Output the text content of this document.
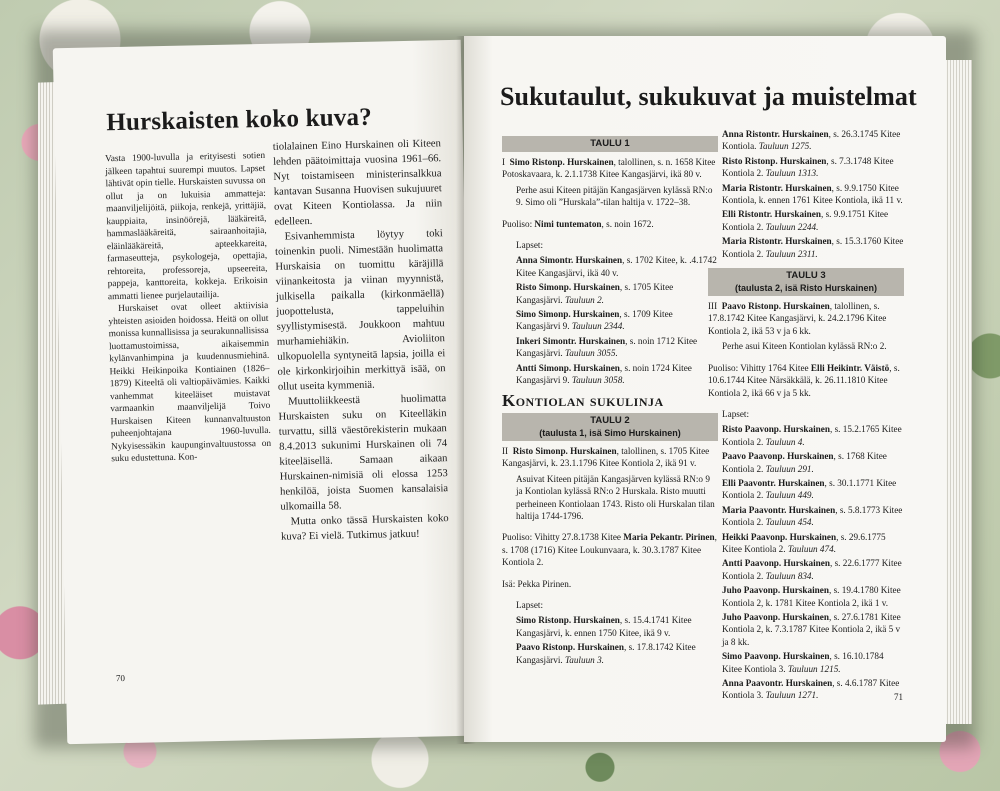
Hurskaisten koko kuva?

Vasta 1900-luvulla ja erityisesti sotien jälkeen tapahtui suurempi muutos. Lapset lähtivät opin tielle. Hurskaisten suvussa on ollut ja on lukuisia ammatteja: maanviljelijöitä, piikoja, renkejä, yrittäjiä, kauppiaita, insinöörejä, lääkäreitä, hammaslääkäreitä, sairaanhoitajia, eläinlääkäreitä, apteekkareita, farmaseutteja, psykologeja, opettajia, rehtoreita, professoreja, upseereita, pappeja, kanttoreita, kokkeja. Erikoisin ammatti lienee purjelautailija.

Hurskaiset ovat olleet aktiivisia yhteisten asioiden hoidossa. Heitä on ollut monissa kunnallisissa ja seurakunnallisissa luottamustoimissa, aikaisemmin kylänvanhimpina ja kuudennusmiehinä. Heikki Heikinpoika Kontiainen (1826–1879) Kiteeltä oli valtiopäivämies. Kaikki vanhemmat kiteeläiset muistavat varmaankin maanviljelijä Toivo Hurskaisen Kiteen kunnanvaltuuston puheenjohtajana 1960-luvulla. Nykyisessäkin kaupunginvaltuustossa on suku edustettuna. Kon-

tiolalainen Eino Hurskainen oli Kiteen lehden päätoimittaja vuosina 1961–66. Nyt toistamiseen ministerinsalkkua kantavan Susanna Huovisen sukujuuret ovat Kiteen Kontiolassa. Ja niin edelleen.

Esivanhemmista löytyy toki toinenkin puoli. Nimestään huolimatta Hurskaisia on tuomittu käräjillä viinankeitosta ja viinan myynnistä, julkisella paikalla (kirkonmäellä) juopottelusta, tappeluihin syyllistymisestä. Joukkoon mahtuu murhamiehiäkin. Avioliiton ulkopuolella syntyneitä lapsia, joilla ei ole kirkonkirjoihin merkittyä isää, on ollut useita kymmeniä.

Muuttoliikkeestä huolimatta Hurskaisten suku on Kiteelläkin turvattu, sillä väestörekisterin mukaan 8.4.2013 sukunimi Hurskainen oli 74 kiteeläisellä. Samaan aikaan Hurskainen-nimisiä oli elossa 1253 henkilöä, joista Suomen kansalaisia ulkomailla 58.

Mutta onko tässä Hurskaisten koko kuva? Ei vielä. Tutkimus jatkuu!

70
Sukutaulut, sukukuvat ja muistelmat
TAULU 1
I Simo Ristonp. Hurskainen, talollinen, s. n. 1658 Kitee Potoskavaara, k. 2.1.1738 Kitee Kangasjärvi, ikä 80 v.
Perhe asui Kiteen pitäjän Kangasjärven kylässä RN:o 9. Simo oli ”Hurskala”-tilan haltija v. 1722–38.
Puoliso: Nimi tuntematon, s. noin 1672.
Lapset:
Anna Simontr. Hurskainen, s. 1702 Kitee, k. .4.1742 Kitee Kangasjärvi, ikä 40 v.
Risto Simonp. Hurskainen, s. 1705 Kitee Kangasjärvi. Tauluun 2.
Simo Simonp. Hurskainen, s. 1709 Kitee Kangasjärvi 9. Tauluun 2344.
Inkeri Simontr. Hurskainen, s. noin 1712 Kitee Kangasjärvi. Tauluun 3055.
Antti Simonp. Hurskainen, s. noin 1724 Kitee Kangasjärvi 9. Tauluun 3058.
Kontiolan sukulinja
TAULU 2
(taulusta 1, isä Simo Hurskainen)
II Risto Simonp. Hurskainen, talollinen, s. 1705 Kitee Kangasjärvi, k. 23.1.1796 Kitee Kontiola 2, ikä 91 v.
Asuivat Kiteen pitäjän Kangasjärven kylässä RN:o 9 ja Kontiolan kylässä RN:o 2 Hurskala. Risto muutti perheineen Kontiolaan 1743. Risto oli Hurskalan tilan haltija 1744-1796.
Puoliso: Vihitty 27.8.1738 Kitee Maria Pekantr. Pirinen, s. 1708 (1716) Kitee Loukunvaara, k. 30.3.1787 Kitee Kontiola 2.
Isä: Pekka Pirinen.
Lapset:
Simo Ristonp. Hurskainen, s. 15.4.1741 Kitee Kangasjärvi, k. ennen 1750 Kitee, ikä 9 v.
Paavo Ristonp. Hurskainen, s. 17.8.1742 Kitee Kangasjärvi. Tauluun 3.
Anna Ristontr. Hurskainen, s. 26.3.1745 Kitee Kontiola. Tauluun 1275.
Risto Ristonp. Hurskainen, s. 7.3.1748 Kitee Kontiola 2. Tauluun 1313.
Maria Ristontr. Hurskainen, s. 9.9.1750 Kitee Kontiola, k. ennen 1761 Kitee Kontiola, ikä 11 v.
Elli Ristontr. Hurskainen, s. 9.9.1751 Kitee Kontiola 2. Tauluun 2244.
Maria Ristontr. Hurskainen, s. 15.3.1760 Kitee Kontiola 2. Tauluun 2311.
TAULU 3
(taulusta 2, isä Risto Hurskainen)
III Paavo Ristonp. Hurskainen, talollinen, s. 17.8.1742 Kitee Kangasjärvi, k. 24.2.1796 Kitee Kontiola 2, ikä 53 v ja 6 kk.
Perhe asui Kiteen Kontiolan kylässä RN:o 2.
Puoliso: Vihitty 1764 Kitee Elli Heikintr. Väistö, s. 10.6.1744 Kitee Närsäkkälä, k. 26.11.1810 Kitee Kontiola 2, ikä 66 v ja 5 kk.
Lapset:
Risto Paavonp. Hurskainen, s. 15.2.1765 Kitee Kontiola 2. Tauluun 4.
Paavo Paavonp. Hurskainen, s. 1768 Kitee Kontiola 2. Tauluun 291.
Elli Paavontr. Hurskainen, s. 30.1.1771 Kitee Kontiola 2. Tauluun 449.
Maria Paavontr. Hurskainen, s. 5.8.1773 Kitee Kontiola 2. Tauluun 454.
Heikki Paavonp. Hurskainen, s. 29.6.1775 Kitee Kontiola 2. Tauluun 474.
Antti Paavonp. Hurskainen, s. 22.6.1777 Kitee Kontiola 2. Tauluun 834.
Juho Paavonp. Hurskainen, s. 19.4.1780 Kitee Kontiola 2, k. 1781 Kitee Kontiola 2, ikä 1 v.
Juho Paavonp. Hurskainen, s. 27.6.1781 Kitee Kontiola 2, k. 7.3.1787 Kitee Kontiola 2, ikä 5 v ja 8 kk.
Simo Paavonp. Hurskainen, s. 16.10.1784 Kitee Kontiola 3. Tauluun 1215.
Anna Paavontr. Hurskainen, s. 4.6.1787 Kitee Kontiola 3. Tauluun 1271.	71
